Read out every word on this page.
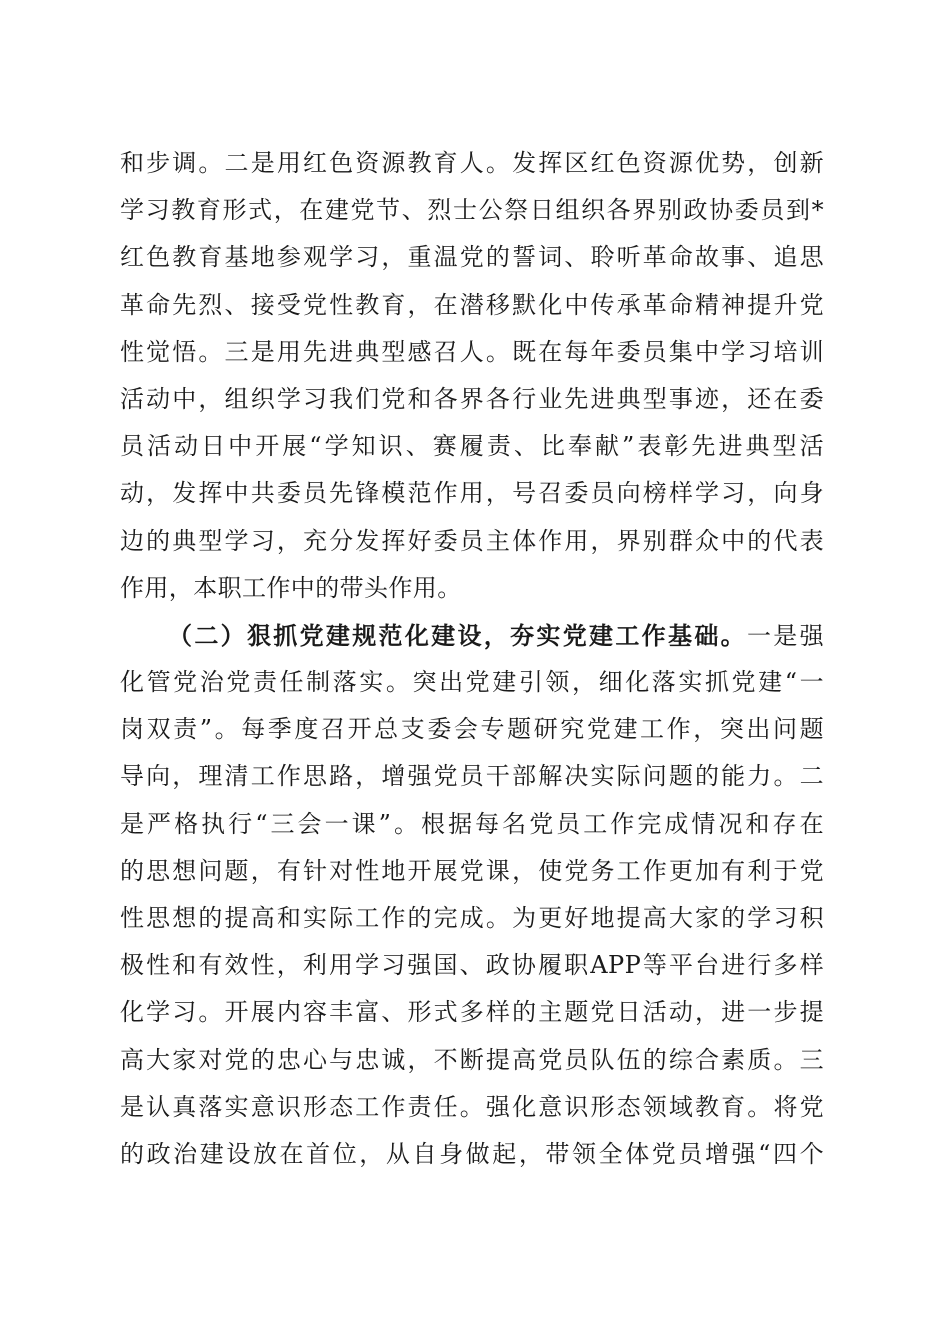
和步调。二是用红色资源教育人。发挥区红色资源优势，创新
学习教育形式，在建党节、烈士公祭日组织各界别政协委员到*
红色教育基地参观学习，重温党的誓词、聆听革命故事、追思
革命先烈、接受党性教育，在潜移默化中传承革命精神提升党
性觉悟。三是用先进典型感召人。既在每年委员集中学习培训
活动中，组织学习我们党和各界各行业先进典型事迹，还在委
员活动日中开展“学知识、赛履责、比奉献”表彰先进典型活
动，发挥中共委员先锋模范作用，号召委员向榜样学习，向身
边的典型学习，充分发挥好委员主体作用，界别群众中的代表
作用，本职工作中的带头作用。
（二）狠抓党建规范化建设，夯实党建工作基础。一是强
化管党治党责任制落实。突出党建引领，细化落实抓党建“一
岗双责”。每季度召开总支委会专题研究党建工作，突出问题
导向，理清工作思路，增强党员干部解决实际问题的能力。二
是严格执行“三会一课”。根据每名党员工作完成情况和存在
的思想问题，有针对性地开展党课，使党务工作更加有利于党
性思想的提高和实际工作的完成。为更好地提高大家的学习积
极性和有效性，利用学习强国、政协履职APP等平台进行多样
化学习。开展内容丰富、形式多样的主题党日活动，进一步提
高大家对党的忠心与忠诚，不断提高党员队伍的综合素质。三
是认真落实意识形态工作责任。强化意识形态领域教育。将党
的政治建设放在首位，从自身做起，带领全体党员增强“四个
